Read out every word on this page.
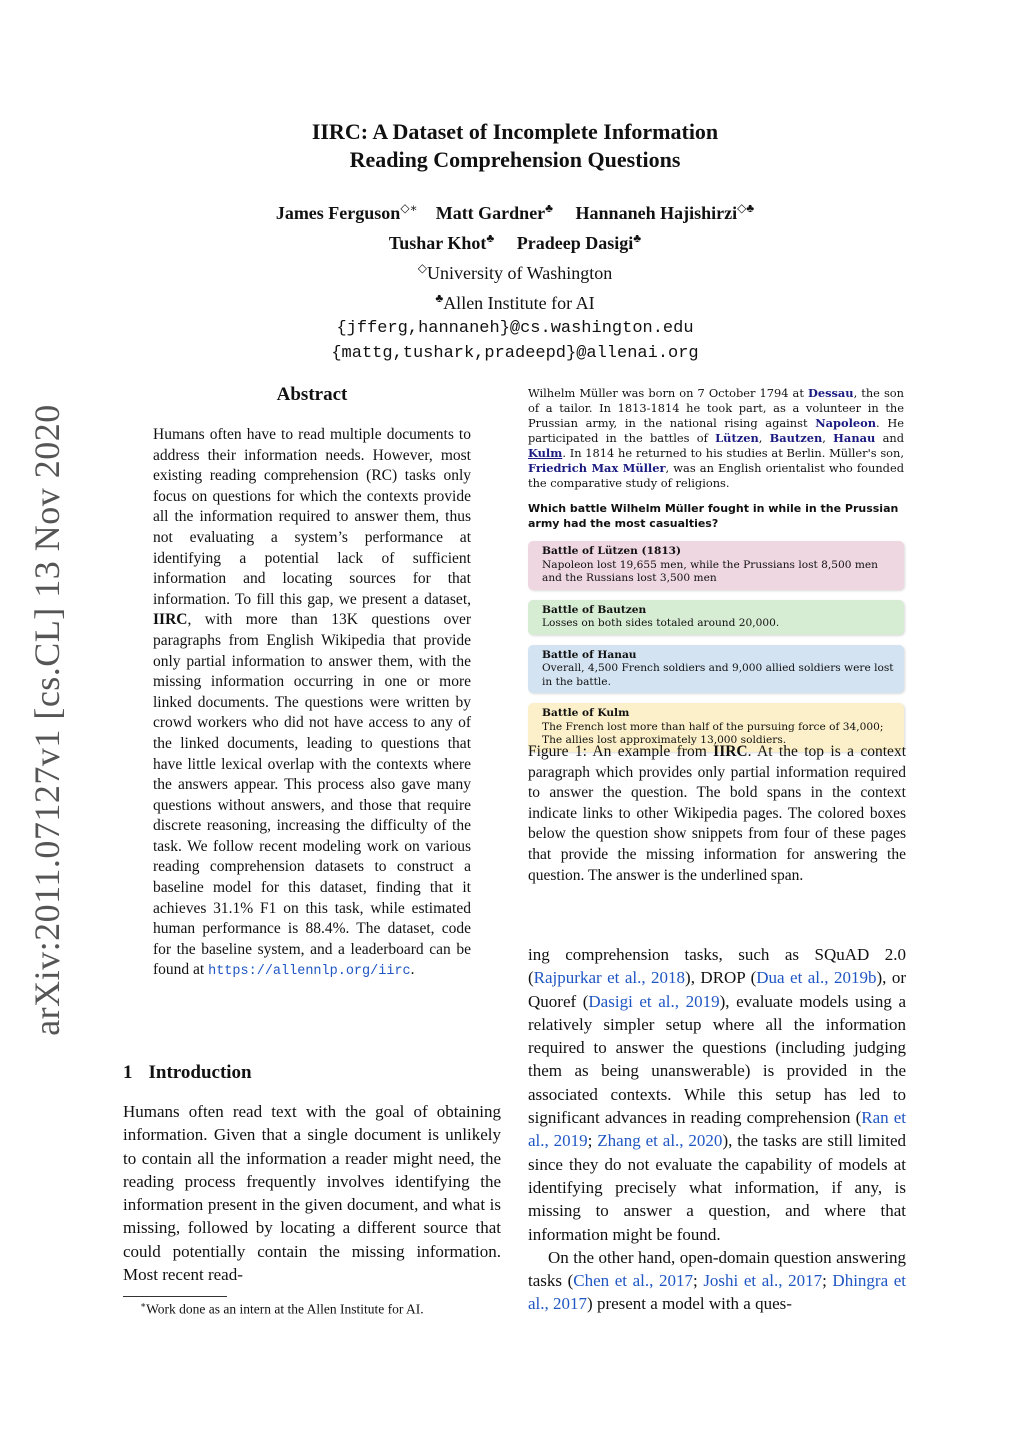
arXiv:2011.07127v1 [cs.CL] 13 Nov 2020
IIRC: A Dataset of Incomplete Information
Reading Comprehension Questions
James Ferguson◇∗ Matt Gardner♣ Hannaneh Hajishirzi◇♣
Tushar Khot♣ Pradeep Dasigi♣
◇University of Washington
♣Allen Institute for AI
{jfferg,hannaneh}@cs.washington.edu
{mattg,tushark,pradeepd}@allenai.org
Abstract
Humans often have to read multiple documents to address their information needs. However, most existing reading comprehension (RC) tasks only focus on questions for which the contexts provide all the information required to answer them, thus not evaluating a system’s performance at identifying a potential lack of sufficient information and locating sources for that information. To fill this gap, we present a dataset, IIRC, with more than 13K questions over paragraphs from English Wikipedia that provide only partial information to answer them, with the missing information occurring in one or more linked documents. The questions were written by crowd workers who did not have access to any of the linked documents, leading to questions that have little lexical overlap with the contexts where the answers appear. This process also gave many questions without answers, and those that require discrete reasoning, increasing the difficulty of the task. We follow recent modeling work on various reading comprehension datasets to construct a baseline model for this dataset, finding that it achieves 31.1% F1 on this task, while estimated human performance is 88.4%. The dataset, code for the baseline system, and a leaderboard can be found at https://allennlp.org/iirc.
1 Introduction
Humans often read text with the goal of obtaining information. Given that a single document is unlikely to contain all the information a reader might need, the reading process frequently involves identifying the information present in the given document, and what is missing, followed by locating a different source that could potentially contain the missing information. Most recent read-
∗Work done as an intern at the Allen Institute for AI.
Wilhelm Müller was born on 7 October 1794 at Dessau, the son of a tailor. In 1813-1814 he took part, as a volunteer in the Prussian army, in the national rising against Napoleon. He participated in the battles of Lützen, Bautzen, Hanau and Kulm. In 1814 he returned to his studies at Berlin. Müller's son, Friedrich Max Müller, was an English orientalist who founded the comparative study of religions.
Which battle Wilhelm Müller fought in while in the Prussian army had the most casualties?
Battle of Lützen (1813)
Napoleon lost 19,655 men, while the Prussians lost 8,500 men and the Russians lost 3,500 men
Battle of Bautzen
Losses on both sides totaled around 20,000.
Battle of Hanau
Overall, 4,500 French soldiers and 9,000 allied soldiers were lost in the battle.
Battle of Kulm
The French lost more than half of the pursuing force of 34,000; The allies lost approximately 13,000 soldiers.
Figure 1: An example from IIRC. At the top is a context paragraph which provides only partial information required to answer the question. The bold spans in the context indicate links to other Wikipedia pages. The colored boxes below the question show snippets from four of these pages that provide the missing information for answering the question. The answer is the underlined span.

ing comprehension tasks, such as SQuAD 2.0 (Rajpurkar et al., 2018), DROP (Dua et al., 2019b), or Quoref (Dasigi et al., 2019), evaluate models using a relatively simpler setup where all the information required to answer the questions (including judging them as being unanswerable) is provided in the associated contexts. While this setup has led to significant advances in reading comprehension (Ran et al., 2019; Zhang et al., 2020), the tasks are still limited since they do not evaluate the capability of models at identifying precisely what information, if any, is missing to answer a question, and where that information might be found.

On the other hand, open-domain question answering tasks (Chen et al., 2017; Joshi et al., 2017; Dhingra et al., 2017) present a model with a ques-
